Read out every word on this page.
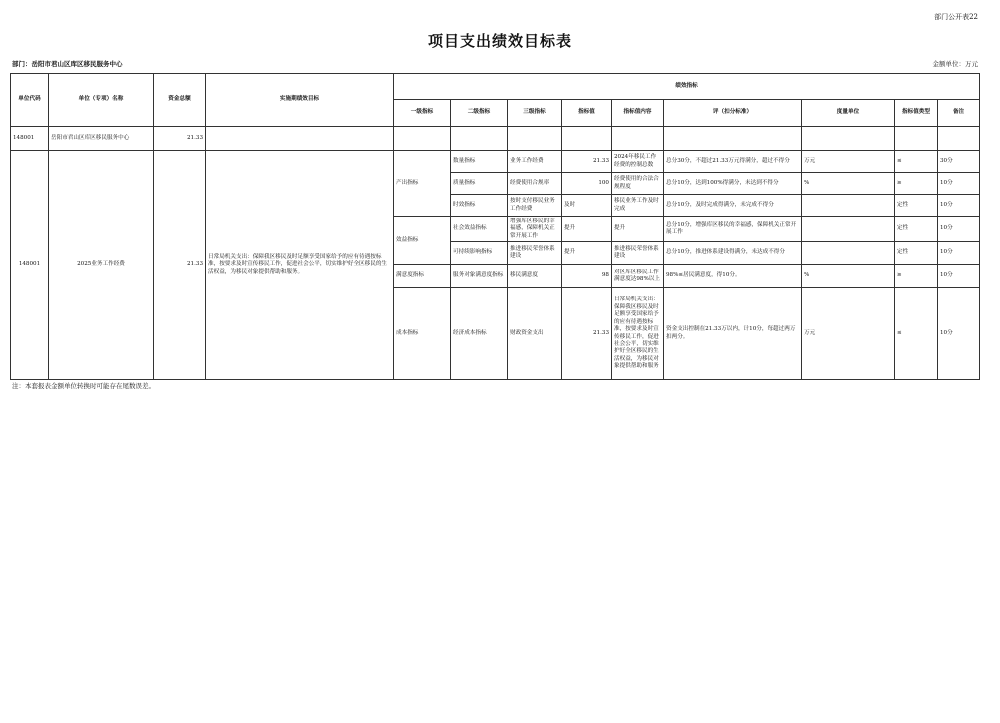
部门公开表22
项目支出绩效目标表
部门：岳阳市君山区库区移民服务中心	金额单位：万元
单位代码	单位（专项）名称	资金总额	实施期绩效目标	绩效指标								
				一级指标	二级指标	三级指标	指标值	指标值内容	评（扣分标准）	度量单位	指标值类型	备注
148001	岳阳市君山区库区移民服务中心	21.33										
148001	2025业务工作经费	21.33	日常局机关支出：保障我区移民及时足额享受国家给予的应有待遇按标准，按要求及时宣传移民工作，促进社会公平，切实维护好全区移民的生活权益，为移民对象提供帮助和服务。	产出指标	数量指标	业务工作经费	21.33	2024年移民工作经费的控制总数	总分30分，不超过21.33万元得满分，超过不得分	万元	≤	30分
					质量指标	经费使用合规率	100	经费使用的合法合规程度	总分10分，达到100%得满分，未达到不得分	%	≥	10分
					时效指标	按时支付移民业务工作经费	及时	移民业务工作及时完成	总分10分，及时完成得满分，未完成不得分		定性	10分
				效益指标	社会效益指标	增强库区移民的幸福感，保障机关正常开展工作	提升	提升	总分10分，增强库区移民的幸福感，保障机关正常开展工作		定性	10分
					可持续影响指标	推进移民荣誉体系建设	提升	推进移民荣誉体系建设	总分10分，推进体系建设得满分，未达成不得分		定性	10分
				满意度指标	服务对象满意度指标	移民满意度	98	对区库区移民工作满意度达98%以上	98%≤居民满意度，得10分。	%	≥	10分
				成本指标	经济成本指标	财政资金支出	21.33	日常局机关支出：保障我区移民及时足额享受国家给予的应有待遇按标准，按要求及时宣传移民工作，促进社会公平，切实维护好全区移民的生活权益，为移民对象提供帮助和服务	资金支出控制在21.33万以内，计10分，每超过两万扣两分。	万元	≤	10分
注：本套报表金额单位转换时可能存在尾数误差。
